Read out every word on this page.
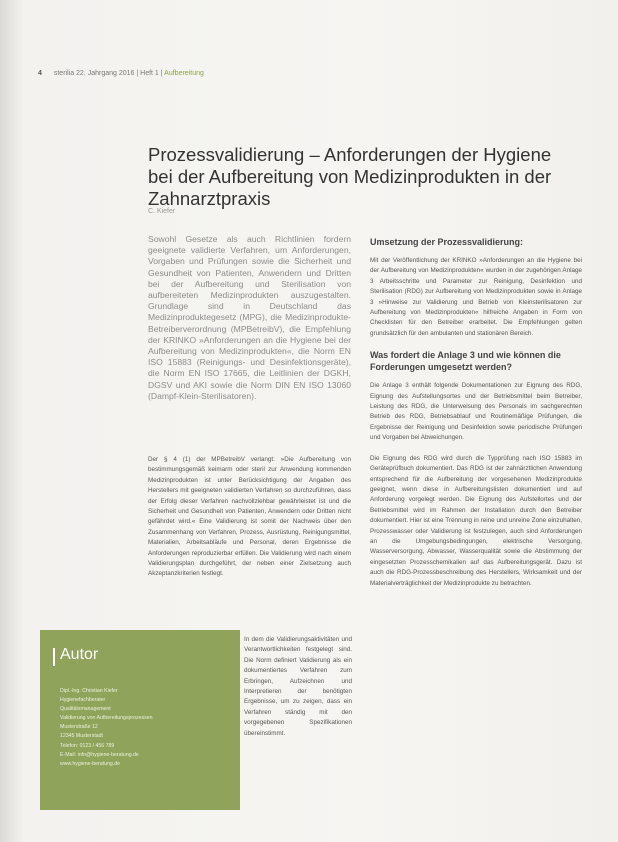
4 sterilia 22. Jahrgang 2016 | Heft 1 | Aufbereitung
Prozessvalidierung – Anforderungen der Hygiene bei der Aufbereitung von Medizinprodukten in der Zahnarztpraxis
C. Kiefer

Sowohl Gesetze als auch Richtlinien fordern geeignete validierte Verfahren, um Anforderungen, Vorgaben und Prüfungen sowie die Sicherheit und Gesundheit von Patienten, Anwendern und Dritten bei der Aufbereitung und Sterilisation von aufbereiteten Medizinprodukten auszugestalten. Grundlage sind in Deutschland das Medizinproduktegesetz (MPG), die Medizinprodukte-Betreiberverordnung (MPBetreibV), die Empfehlung der KRINKO »Anforderungen an die Hygiene bei der Aufbereitung von Medizinprodukten«, die Norm EN ISO 15883 (Reinigungs- und Desinfektionsgeräte), die Norm EN ISO 17665, die Leitlinien der DGKH, DGSV und AKI sowie die Norm DIN EN ISO 13060 (Dampf-Klein-Sterilisatoren).

Der § 4 (1) der MPBetreibV verlangt: »Die Aufbereitung von bestimmungsgemäß keimarm oder steril zur Anwendung kommenden Medizinprodukten ist unter Berücksichtigung der Angaben des Herstellers mit geeigneten validierten Verfahren so durchzuführen, dass der Erfolg dieser Verfahren nachvollziehbar gewährleistet ist und die Sicherheit und Gesundheit von Patienten, Anwendern oder Dritten nicht gefährdet wird.« Eine Validierung ist somit der Nachweis über den Zusammenhang von Verfahren, Prozess, Ausrüstung, Reinigungsmittel, Materialien, Arbeitsabläufe und Personal, deren Ergebnisse die Anforderungen reproduzierbar erfüllen. Die Validierung wird nach einem Validierungsplan durchgeführt, der neben einer Zielsetzung auch Akzeptanzkriterien festlegt.

In dem die Validierungsaktivitäten und Verantwortlichkeiten festgelegt sind. Die Norm definiert Validierung als ein dokumentiertes Verfahren zum Erbringen, Aufzeichnen und Interpretieren der benötigten Ergebnisse, um zu zeigen, dass ein Verfahren ständig mit den vorgegebenen Spezifikationen übereinstimmt.

Umsetzung der Prozessvalidierung:

Mit der Veröffentlichung der KRINKO »Anforderungen an die Hygiene bei der Aufbereitung von Medizinprodukten« wurden in der zugehörigen Anlage 3 Arbeitsschritte und Parameter zur Reinigung, Desinfektion und Sterilisation (RDG) zur Aufbereitung von Medizinprodukten sowie in Anlage 3 »Hinweise zur Validierung und Betrieb von Kleinsterilisatoren zur Aufbereitung von Medizinprodukten« hilfreiche Angaben in Form von Checklisten für den Betreiber erarbeitet. Die Empfehlungen gelten grundsätzlich für den ambulanten und stationären Bereich.

Was fordert die Anlage 3 und wie können die Forderungen umgesetzt werden?

Die Anlage 3 enthält folgende Dokumentationen zur Eignung des RDG, Eignung des Aufstellungsortes und der Betriebsmittel beim Betreiber, Leistung des RDG, die Unterweisung des Personals im sachgerechten Betrieb des RDG, Betriebsablauf und Routinemäßige Prüfungen, die Ergebnisse der Reinigung und Desinfektion sowie periodische Prüfungen und Vorgaben bei Abweichungen.

Die Eignung des RDG wird durch die Typprüfung nach ISO 15883 im Geräteprüfbuch dokumentiert. Das RDG ist der zahnärztlichen Anwendung entsprechend für die Aufbereitung der vorgesehenen Medizinprodukte geeignet, wenn diese in Aufbereitungslisten dokumentiert und auf Anforderung vorgelegt werden. Die Eignung des Aufstellortes und der Betriebsmittel wird im Rahmen der Installation durch den Betreiber dokumentiert. Hier ist eine Trennung in reine und unreine Zone einzuhalten, Prozesswasser oder Validierung ist festzulegen, auch sind Anforderungen an die Umgebungsbedingungen, elektrische Versorgung, Wasserversorgung, Abwasser, Wasserqualität sowie die Abstimmung der eingesetzten Prozesschemikalien auf das Aufbereitungsgerät. Dazu ist auch die RDG-Prozessbeschreibung des Herstellers, Wirksamkeit und der Materialverträglichkeit der Medizinprodukte zu betrachten.

Autor
Dipl.-Ing. Christian Kiefer
Hygienefachberater
Qualitätsmanagement
Validierung von Aufbereitungsprozessen
Musterstraße 12
12345 Musterstadt
Telefon: 0123 / 456 789
E-Mail: info@hygiene-beratung.de
www.hygiene-beratung.de
